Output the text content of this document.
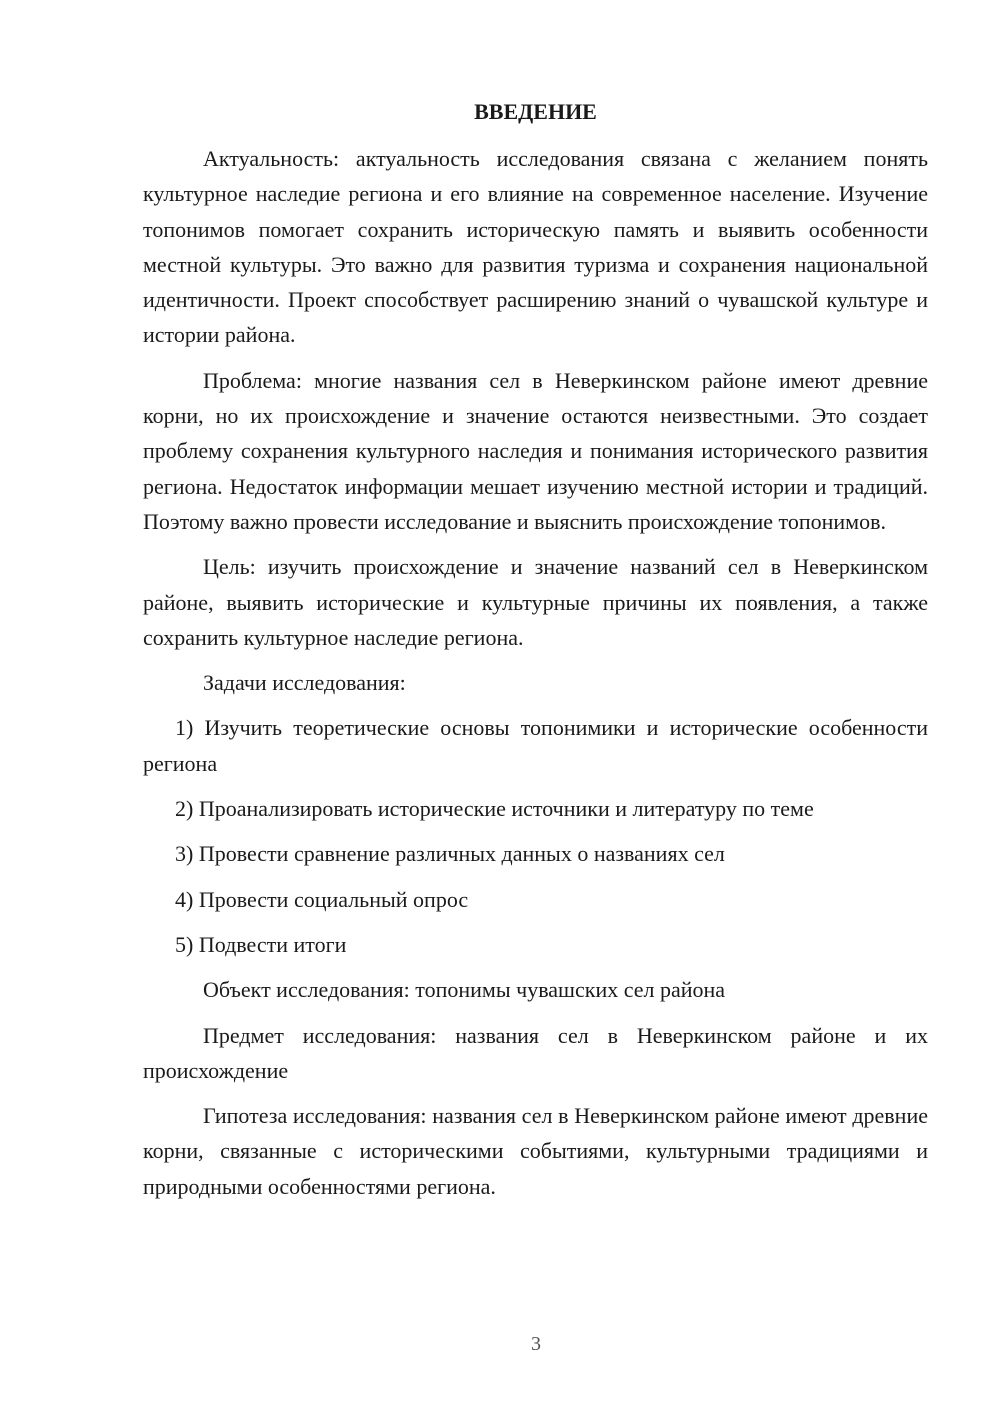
ВВЕДЕНИЕ

Актуальность: актуальность исследования связана с желанием понять культурное наследие региона и его влияние на современное население. Изучение топонимов помогает сохранить историческую память и выявить особенности местной культуры. Это важно для развития туризма и сохранения национальной идентичности. Проект способствует расширению знаний о чувашской культуре и истории района.

Проблема: многие названия сел в Неверкинском районе имеют древние корни, но их происхождение и значение остаются неизвестными. Это создает проблему сохранения культурного наследия и понимания исторического развития региона. Недостаток информации мешает изучению местной истории и традиций. Поэтому важно провести исследование и выяснить происхождение топонимов.

Цель: изучить происхождение и значение названий сел в Неверкинском районе, выявить исторические и культурные причины их появления, а также сохранить культурное наследие региона.

Задачи исследования:

1) Изучить теоретические основы топонимики и исторические особенности региона

2) Проанализировать исторические источники и литературу по теме

3) Провести сравнение различных данных о названиях сел

4) Провести социальный опрос

5) Подвести итоги

Объект исследования: топонимы чувашских сел района

Предмет исследования: названия сел в Неверкинском районе и их происхождение

Гипотеза исследования: названия сел в Неверкинском районе имеют древние корни, связанные с историческими событиями, культурными традициями и природными особенностями региона.

3
